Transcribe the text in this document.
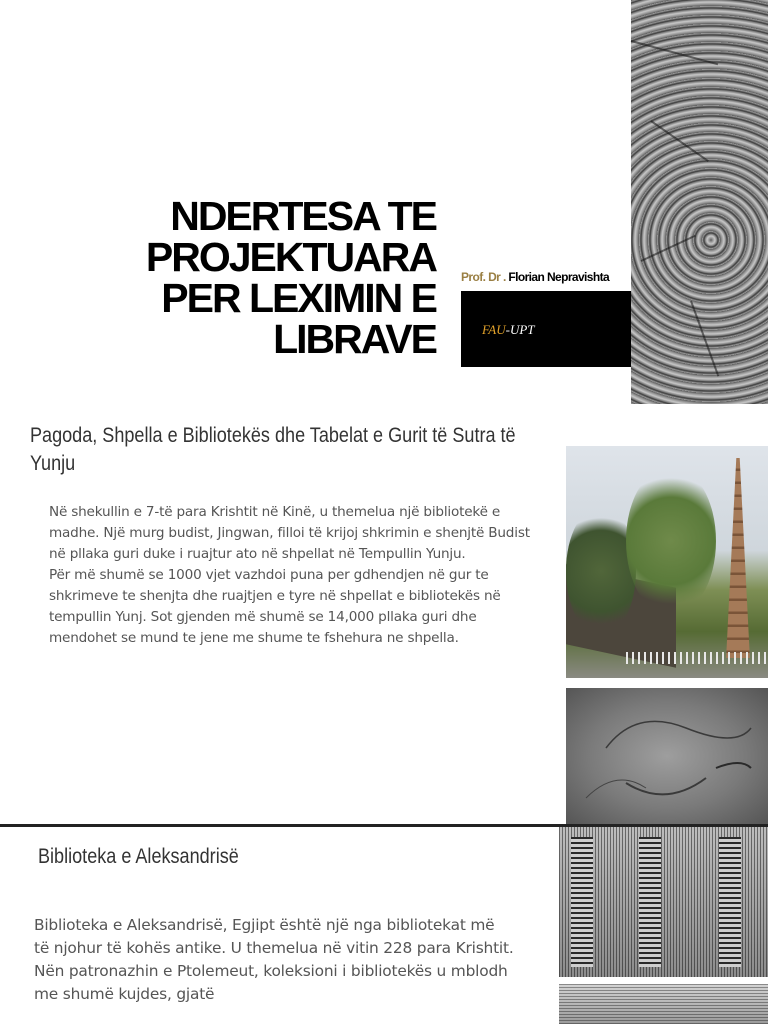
NDERTESA TE
PROJEKTUARA
PER LEXIMIN E
LIBRAVE
Prof. Dr . Florian Nepravishta
FAU-UPT
Pagoda, Shpella e Bibliotekës dhe Tabelat e Gurit të Sutra të Yunju

Në shekullin e 7-të para Krishtit në Kinë, u themelua një bibliotekë e madhe. Një murg budist, Jingwan, filloi të krijoj shkrimin e shenjtë Budist në pllaka guri duke i ruajtur ato në shpellat në Tempullin Yunju.

Për më shumë se 1000 vjet vazhdoi puna per gdhendjen në gur te shkrimeve te shenjta dhe ruajtjen e tyre në shpellat e bibliotekës në tempullin Yunj. Sot gjenden më shumë se 14,000 pllaka guri dhe mendohet se mund te jene me shume te fshehura ne shpella.

Biblioteka e Aleksandrisë

Biblioteka e Aleksandrisë, Egjipt është një nga bibliotekat më të njohur të kohës antike. U themelua në vitin 228 para Krishtit.

Nën patronazhin e Ptolemeut, koleksioni i bibliotekës u mblodh me shumë kujdes, gjatë
